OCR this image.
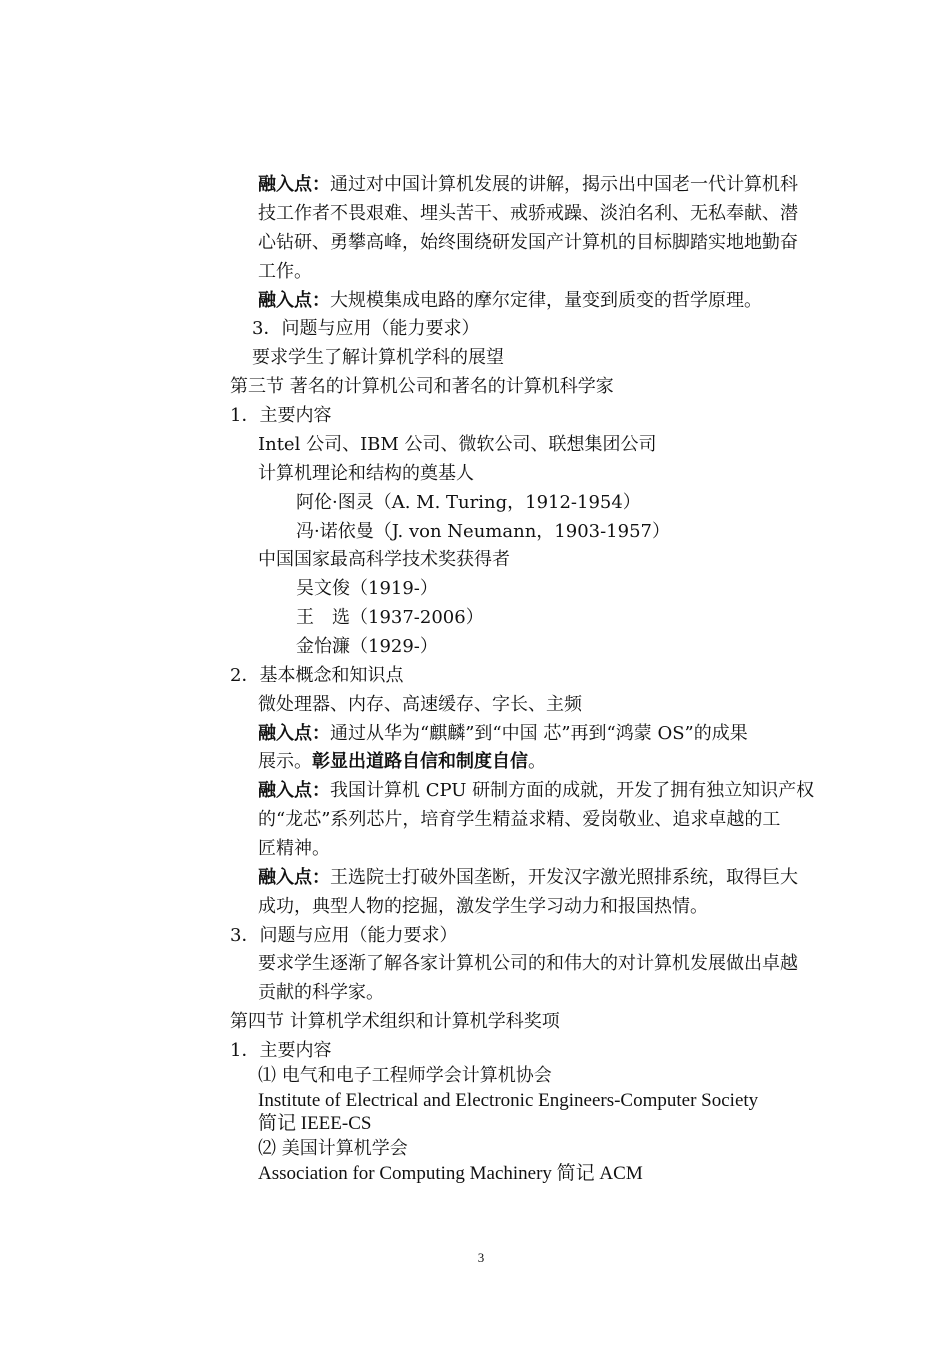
融入点：通过对中国计算机发展的讲解，揭示出中国老一代计算机科
技工作者不畏艰难、埋头苦干、戒骄戒躁、淡泊名利、无私奉献、潜
心钻研、勇攀高峰，始终围绕研发国产计算机的目标脚踏实地地勤奋
工作。
融入点：大规模集成电路的摩尔定律，量变到质变的哲学原理。
3．问题与应用（能力要求）
要求学生了解计算机学科的展望
第三节 著名的计算机公司和著名的计算机科学家
1．主要内容
Intel 公司、IBM 公司、微软公司、联想集团公司
计算机理论和结构的奠基人
阿伦·图灵（A. M. Turing，1912-1954）
冯·诺依曼（J. von Neumann，1903-1957）
中国国家最高科学技术奖获得者
吴文俊（1919-）
王　选（1937-2006）
金怡濂（1929-）
2．基本概念和知识点
微处理器、内存、高速缓存、字长、主频
融入点：通过从华为“麒麟”到“中国 芯”再到“鸿蒙 OS”的成果
展示。彰显出道路自信和制度自信。
融入点：我国计算机 CPU 研制方面的成就，开发了拥有独立知识产权
的“龙芯”系列芯片，培育学生精益求精、爱岗敬业、追求卓越的工
匠精神。
融入点：王选院士打破外国垄断，开发汉字激光照排系统，取得巨大
成功，典型人物的挖掘，激发学生学习动力和报国热情。
3．问题与应用（能力要求）
要求学生逐渐了解各家计算机公司的和伟大的对计算机发展做出卓越
贡献的科学家。
第四节 计算机学术组织和计算机学科奖项
1．主要内容
⑴ 电气和电子工程师学会计算机协会
Institute of Electrical and Electronic Engineers-Computer Society
简记 IEEE-CS
⑵ 美国计算机学会
Association for Computing Machinery 简记 ACM
3
